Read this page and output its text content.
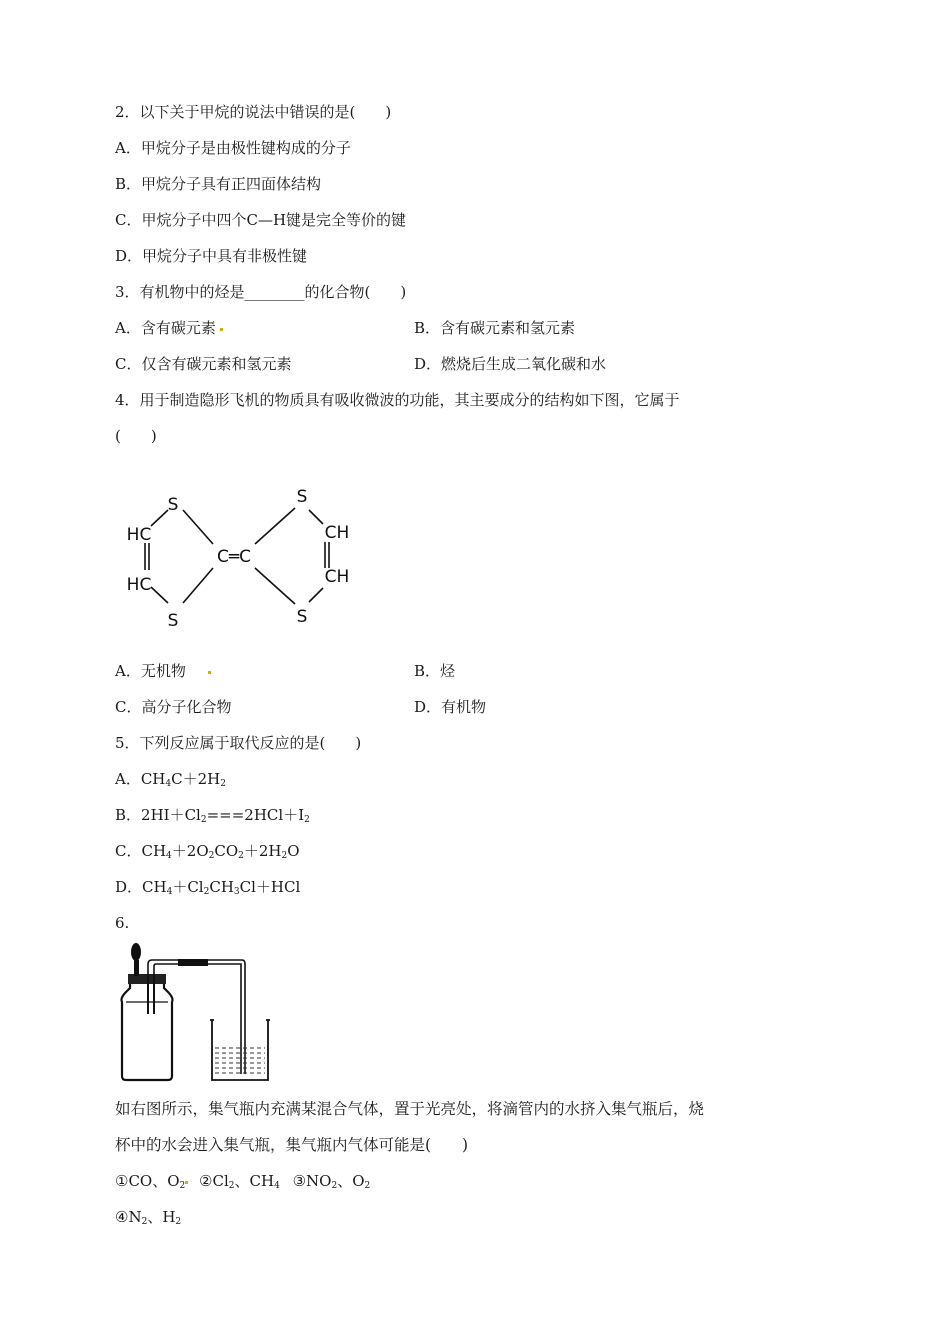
2．以下关于甲烷的说法中错误的是(　　)
A．甲烷分子是由极性键构成的分子
B．甲烷分子具有正四面体结构
C．甲烷分子中四个C—H键是完全等价的键
D．甲烷分子中具有非极性键
3．有机物中的烃是________的化合物(　　)
A．含有碳元素	B．含有碳元素和氢元素
C．仅含有碳元素和氢元素	D．燃烧后生成二氧化碳和水
4．用于制造隐形飞机的物质具有吸收微波的功能，其主要成分的结构如下图，它属于
(　　)
S
S
S
S
HC
HC
C═C
CH
CH
A．无机物	B．烃
C．高分子化合物	D．有机物
5．下列反应属于取代反应的是(　　)
A．$CH_4C+2H_2$
B．$2HI+Cl_2===2HCl+I_2$
C．$CH_4+2O_2CO_2+2H_2O$
D．$CH_4+Cl_2CH_3Cl+HCl$
6.
如右图所示，集气瓶内充满某混合气体，置于光亮处，将滴管内的水挤入集气瓶后，烧
杯中的水会进入集气瓶，集气瓶内气体可能是(　　)
①CO、$O_2$ $②Cl_2$、$CH_4$ $③NO_2$、$O_2$
$④N_2$、$H_2$
